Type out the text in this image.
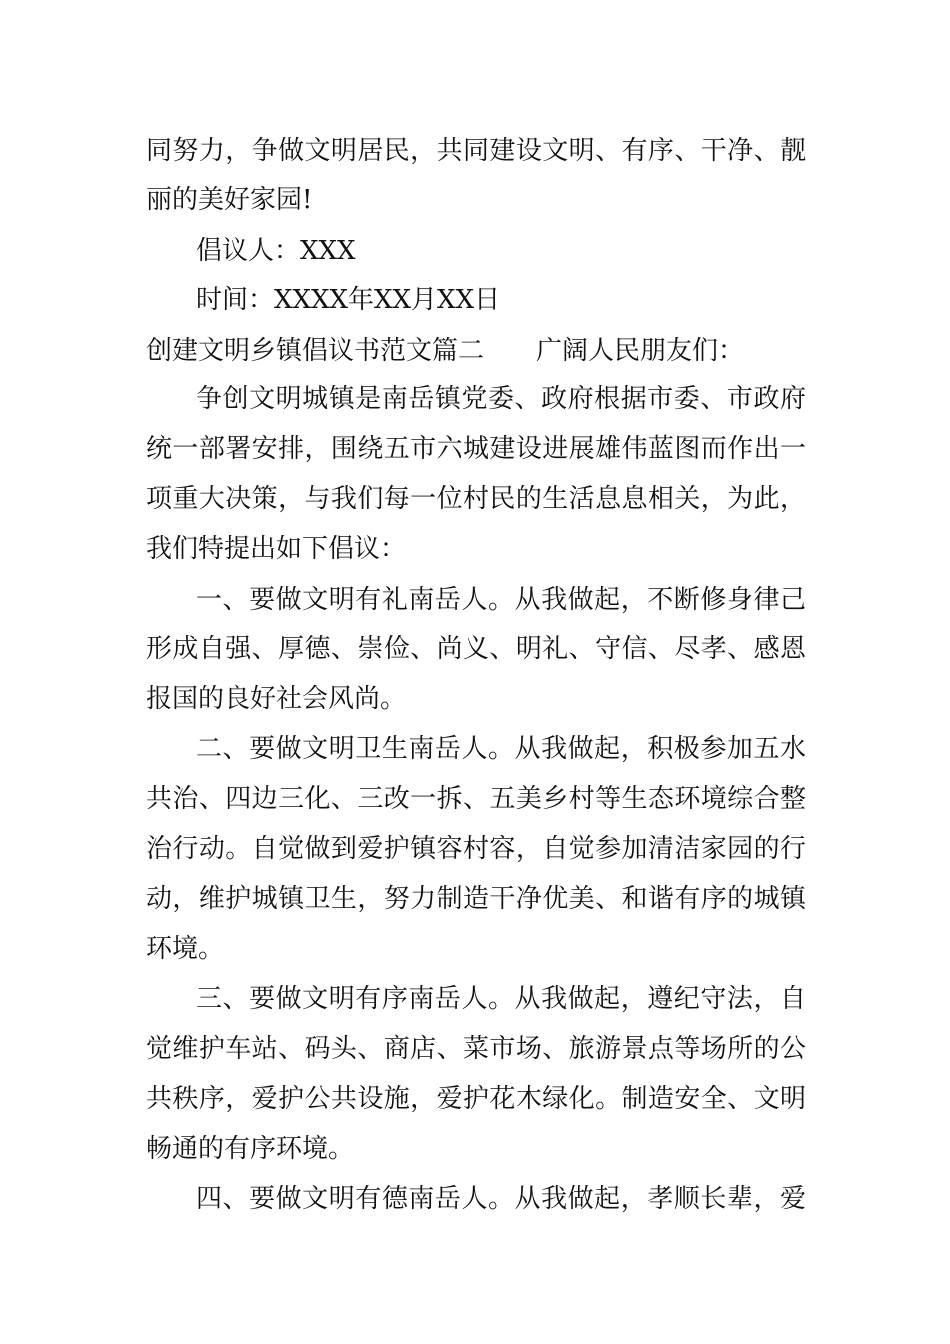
同努力，争做文明居民，共同建设文明、有序、干净、靓
丽的美好家园!
倡议人：XXX
时间：XXXX年XX月XX日
创建文明乡镇倡议书范文篇二 广阔人民朋友们：
争创文明城镇是南岳镇党委、政府根据市委、市政府
统一部署安排，围绕五市六城建设进展雄伟蓝图而作出一
项重大决策，与我们每一位村民的生活息息相关，为此，
我们特提出如下倡议：
一、要做文明有礼南岳人。从我做起，不断修身律己
形成自强、厚德、崇俭、尚义、明礼、守信、尽孝、感恩
报国的良好社会风尚。
二、要做文明卫生南岳人。从我做起，积极参加五水
共治、四边三化、三改一拆、五美乡村等生态环境综合整
治行动。自觉做到爱护镇容村容，自觉参加清洁家园的行
动，维护城镇卫生，努力制造干净优美、和谐有序的城镇
环境。
三、要做文明有序南岳人。从我做起，遵纪守法，自
觉维护车站、码头、商店、菜市场、旅游景点等场所的公
共秩序，爱护公共设施，爱护花木绿化。制造安全、文明
畅通的有序环境。
四、要做文明有德南岳人。从我做起，孝顺长辈，爱
